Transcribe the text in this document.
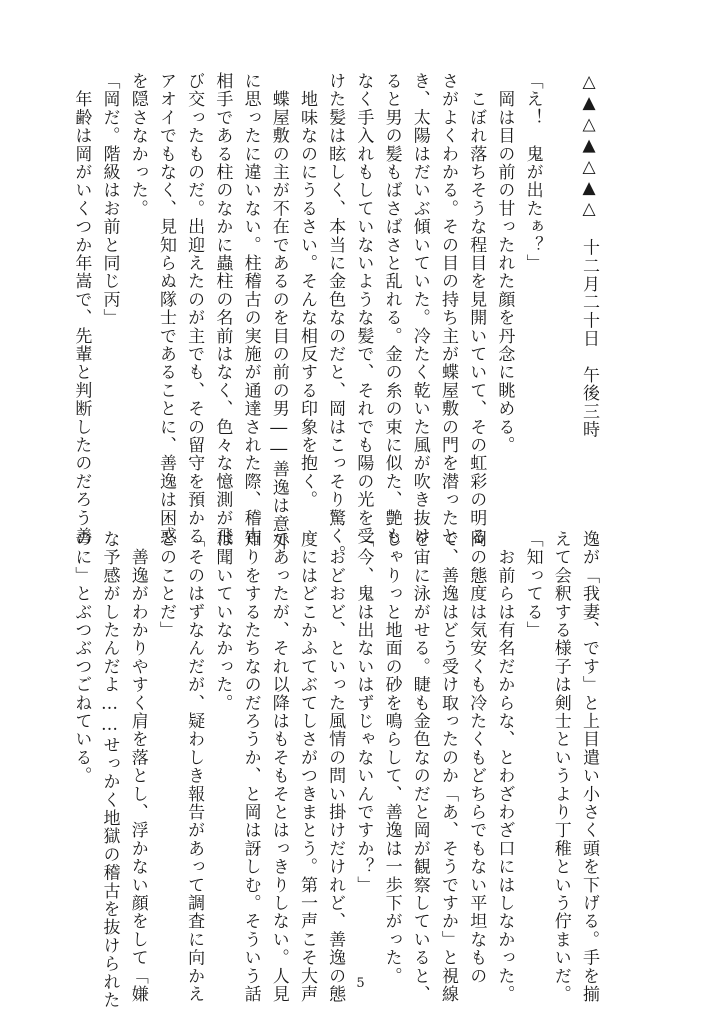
△▲△▲△▲△　十二月二十日　午後三時

「え！　鬼が出たぁ？」
　岡は目の前の甘ったれた顔を丹念に眺める。
　こぼれ落ちそうな程目を見開いていて、その虹彩の明る
さがよくわかる。その目の持ち主が蝶屋敷の門を潜ったと
き、太陽はだいぶ傾いていた。冷たく乾いた風が吹き抜け
ると男の髪もばさばさと乱れる。金の糸の束に似た、艶も
なく手入れもしていないような髪で、それでも陽の光を受
けた髪は眩しく、本当に金色なのだと、岡はこっそり驚く。
　地味なのにうるさい。そんな相反する印象を抱く。
　蝶屋敷の主が不在であるのを目の前の男――善逸は意外
に思ったに違いない。柱稽古の実施が通達された際、稽古
相手である柱のなかに蟲柱の名前はなく、色々な憶測が飛
び交ったものだ。出迎えたのが主でも、その留守を預かる
アオイでもなく、見知らぬ隊士であることに、善逸は困惑
を隠さなかった。
「岡だ。階級はお前と同じ丙」
　年齢は岡がいくつか年嵩で、先輩と判断したのだろう善
逸が「我妻、です」と上目遣い小さく頭を下げる。手を揃
えて会釈する様子は剣士というより丁稚という佇まいだ。
「知ってる」
　お前らは有名だからな、とわざわざ口にはしなかった。
岡の態度は気安くも冷たくもどちらでもない平坦なもの
で、善逸はどう受け取ったのか「あ、そうですか」と視線
を宙に泳がせる。睫も金色なのだと岡が観察していると、
じゃりっと地面の砂を鳴らして、善逸は一歩下がった。
「今、鬼は出ないはずじゃないんですか？」
　おどおど、といった風情の問い掛けだけれど、善逸の態
度にはどこかふてぶてしさがつきまとう。第一声こそ大声
であったが、それ以降はもそもそとはっきりしない。人見
知りをするたちなのだろうか、と岡は訝しむ。そういう話
は聞いていなかった。
「そのはずなんだが、疑わしき報告があって調査に向かえ
とのことだ」
　善逸がわかりやすく肩を落とし、浮かない顔をして「嫌
な予感がしたんだよ……せっかく地獄の稽古を抜けられた
のに」とぶつぶつごねている。
5
